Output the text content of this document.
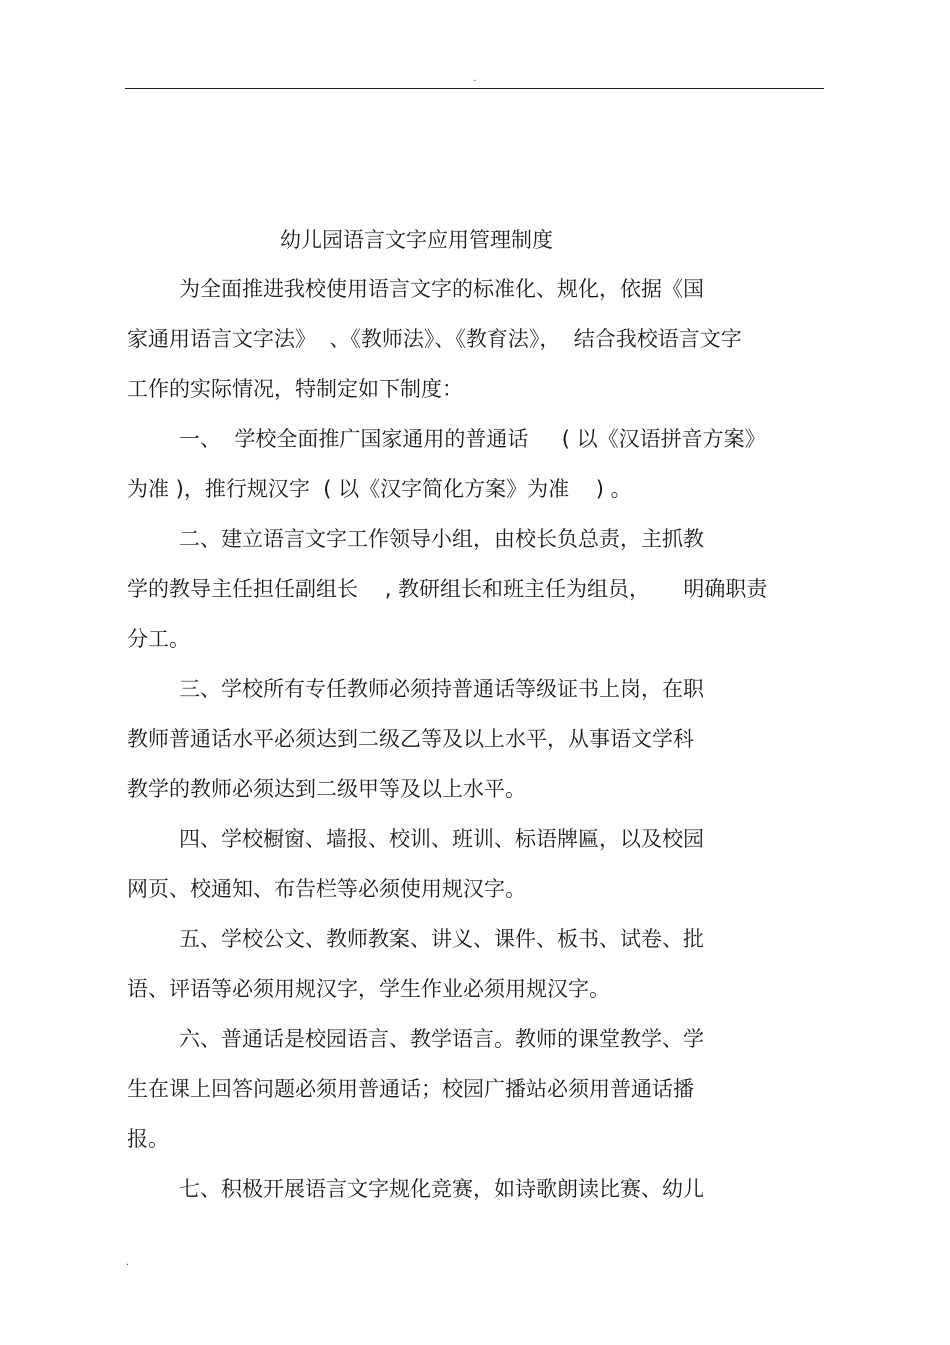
.
幼儿园语言文字应用管理制度
为全面推进我校使用语言文字的标准化、规化，依据《国
家通用语言文字法》  、《教师法》、《教育法》，  结合我校语言文字
工作的实际情况，特制定如下制度：
一、  学校全面推广国家通用的普通话     ( 以《汉语拼音方案》
为准 )，推行规汉字  ( 以《汉字简化方案》为准    ) 。
二、建立语言文字工作领导小组，由校长负总责，主抓教
学的教导主任担任副组长    , 教研组长和班主任为组员，     明确职责
分工。
三、学校所有专任教师必须持普通话等级证书上岗，在职
教师普通话水平必须达到二级乙等及以上水平，从事语文学科
教学的教师必须达到二级甲等及以上水平。
四、学校橱窗、墙报、校训、班训、标语牌匾，以及校园
网页、校通知、布告栏等必须使用规汉字。
五、学校公文、教师教案、讲义、课件、板书、试卷、批
语、评语等必须用规汉字，学生作业必须用规汉字。
六、普通话是校园语言、教学语言。教师的课堂教学、学
生在课上回答问题必须用普通话；校园广播站必须用普通话播
报。
七、积极开展语言文字规化竞赛，如诗歌朗读比赛、幼儿
.
